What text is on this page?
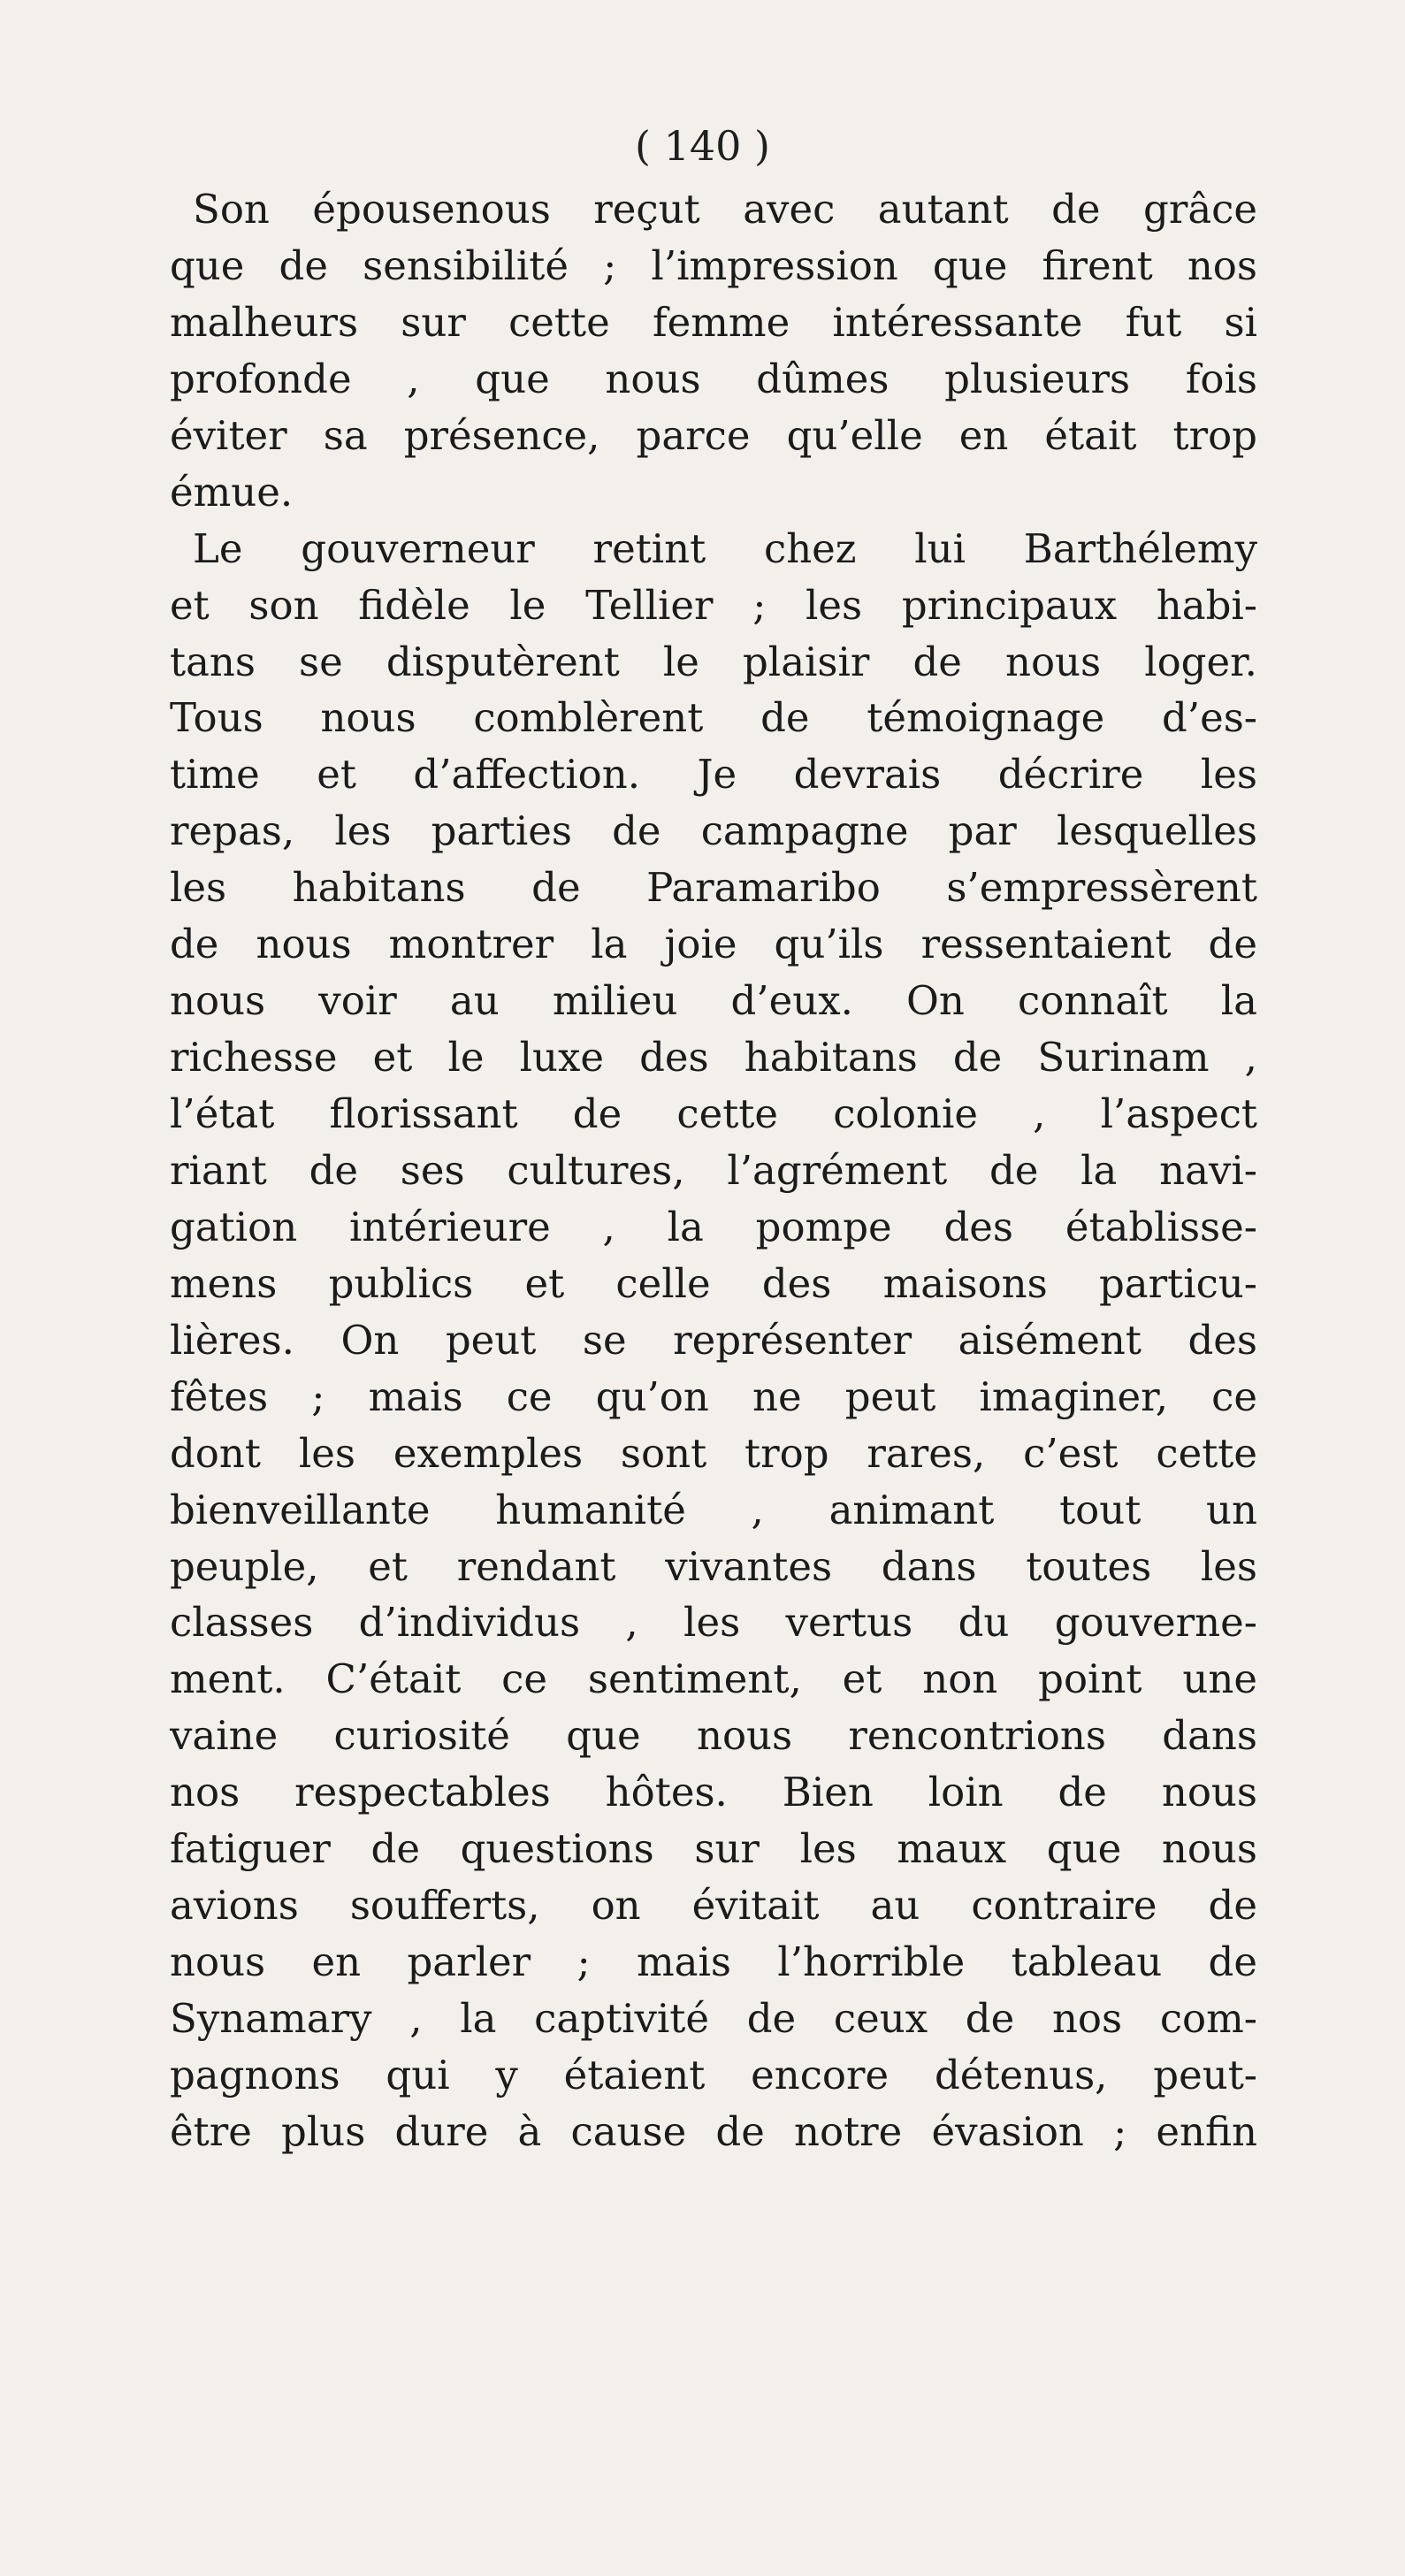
( 140 )
Son épousenous reçut avec autant de grâce
que de sensibilité ; l’impression que firent nos
malheurs sur cette femme intéressante fut si
profonde , que nous dûmes plusieurs fois
éviter sa présence, parce qu’elle en était trop
émue.
Le gouverneur retint chez lui Barthélemy
et son fidèle le Tellier ; les principaux habi-
tans se disputèrent le plaisir de nous loger.
Tous nous comblèrent de témoignage d’es-
time et d’affection. Je devrais décrire les
repas, les parties de campagne par lesquelles
les habitans de Paramaribo s’empressèrent
de nous montrer la joie qu’ils ressentaient de
nous voir au milieu d’eux. On connaît la
richesse et le luxe des habitans de Surinam ,
l’état florissant de cette colonie , l’aspect
riant de ses cultures, l’agrément de la navi-
gation intérieure , la pompe des établisse-
mens publics et celle des maisons particu-
lières. On peut se représenter aisément des
fêtes ; mais ce qu’on ne peut imaginer, ce
dont les exemples sont trop rares, c’est cette
bienveillante humanité , animant tout un
peuple, et rendant vivantes dans toutes les
classes d’individus , les vertus du gouverne-
ment. C’était ce sentiment, et non point une
vaine curiosité que nous rencontrions dans
nos respectables hôtes. Bien loin de nous
fatiguer de questions sur les maux que nous
avions soufferts, on évitait au contraire de
nous en parler ; mais l’horrible tableau de
Synamary , la captivité de ceux de nos com-
pagnons qui y étaient encore détenus, peut-
être plus dure à cause de notre évasion ; enfin
